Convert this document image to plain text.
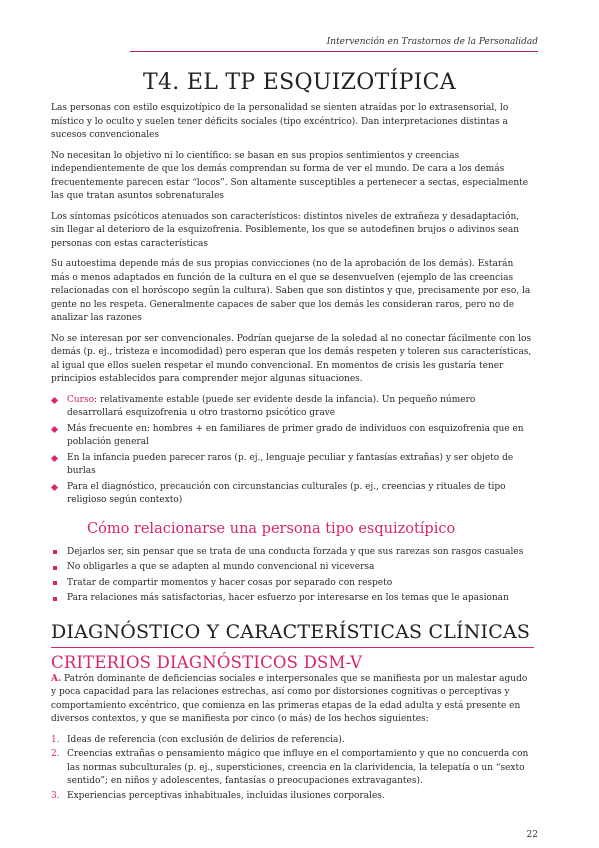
Intervención en Trastornos de la Personalidad
T4. EL TP ESQUIZOTÍPICA

Las personas con estilo esquizotípico de la personalidad se sienten atraídas por lo extrasensorial, lo místico y lo oculto y suelen tener déficits sociales (tipo excéntrico). Dan interpretaciones distintas a sucesos convencionales

No necesitan lo objetivo ni lo científico: se basan en sus propios sentimientos y creencias independientemente de que los demás comprendan su forma de ver el mundo. De cara a los demás frecuentemente parecen estar “locos”. Son altamente susceptibles a pertenecer a sectas, especialmente las que tratan asuntos sobrenaturales

Los síntomas psicóticos atenuados son característicos: distintos niveles de extrañeza y desadaptación, sin llegar al deterioro de la esquizofrenia. Posiblemente, los que se autodefinen brujos o adivinos sean personas con estas características

Su autoestima depende más de sus propias convicciones (no de la aprobación de los demás). Estarán más o menos adaptados en función de la cultura en el que se desenvuelven (ejemplo de las creencias relacionadas con el horóscopo según la cultura). Saben que son distintos y que, precisamente por eso, la gente no les respeta. Generalmente capaces de saber que los demás les consideran raros, pero no de analizar las razones

No se interesan por ser convencionales. Podrían quejarse de la soledad al no conectar fácilmente con los demás (p. ej., tristeza e incomodidad) pero esperan que los demás respeten y toleren sus características, al igual que ellos suelen respetar el mundo convencional. En momentos de crisis les gustaría tener principios establecidos para comprender mejor algunas situaciones.

Curso: relativamente estable (puede ser evidente desde la infancia). Un pequeño número desarrollará esquizofrenia u otro trastorno psicótico grave
Más frecuente en: hombres + en familiares de primer grado de individuos con esquizofrenia que en población general
En la infancia pueden parecer raros (p. ej., lenguaje peculiar y fantasías extrañas) y ser objeto de burlas
Para el diagnóstico, precaución con circunstancias culturales (p. ej., creencias y rituales de tipo religioso según contexto)
Cómo relacionarse una persona tipo esquizotípico
Dejarlos ser, sin pensar que se trata de una conducta forzada y que sus rarezas son rasgos casuales
No obligarles a que se adapten al mundo convencional ni viceversa
Tratar de compartir momentos y hacer cosas por separado con respeto
Para relaciones más satisfactorias, hacer esfuerzo por interesarse en los temas que le apasionan
DIAGNÓSTICO Y CARACTERÍSTICAS CLÍNICAS
CRITERIOS DIAGNÓSTICOS DSM-V

A. Patrón dominante de deficiencias sociales e interpersonales que se manifiesta por un malestar agudo y poca capacidad para las relaciones estrechas, así como por distorsiones cognitivas o perceptivas y comportamiento excéntrico, que comienza en las primeras etapas de la edad adulta y está presente en diversos contextos, y que se manifiesta por cinco (o más) de los hechos siguientes:

1. Ideas de referencia (con exclusión de delirios de referencia).
2. Creencias extrañas o pensamiento mágico que influye en el comportamiento y que no concuerda con las normas subculturales (p. ej., supersticiones, creencia en la clarividencia, la telepatía o un “sexto sentido”; en niños y adolescentes, fantasías o preocupaciones extravagantes).
3. Experiencias perceptivas inhabituales, incluidas ilusiones corporales.
22
